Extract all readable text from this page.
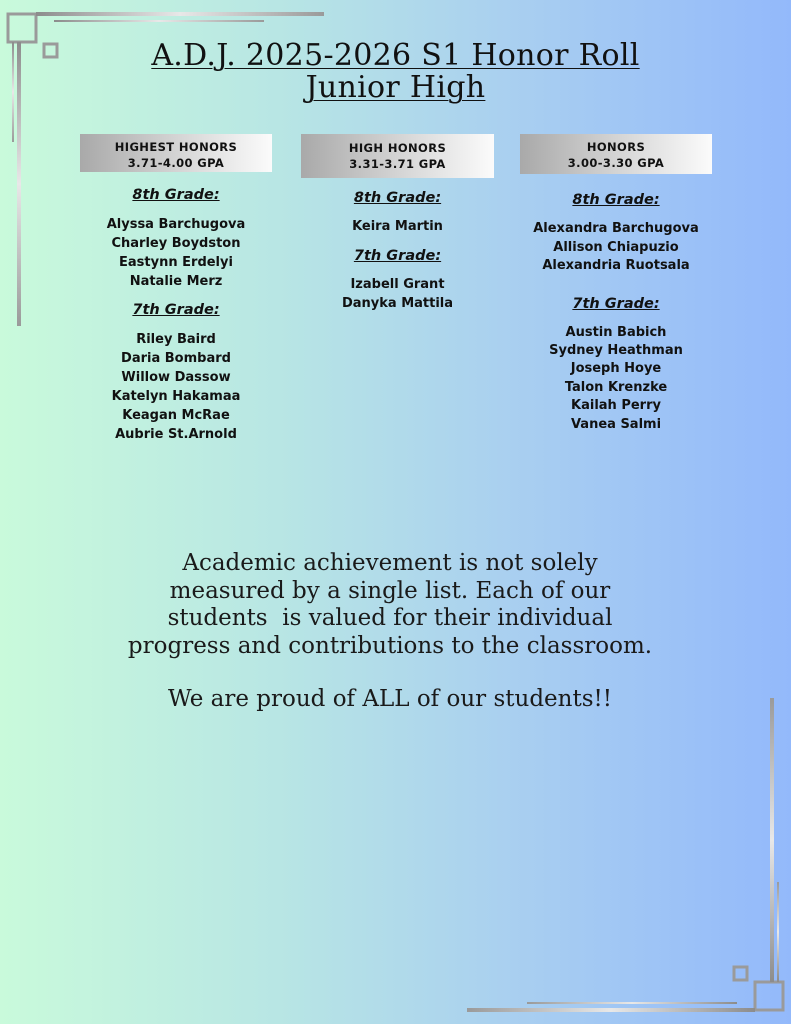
A.D.J. 2025-2026 S1 Honor Roll
Junior High
HIGHEST HONORS
3.71-4.00 GPA
8th Grade:
Alyssa Barchugova
Charley Boydston
Eastynn Erdelyi
Natalie Merz
7th Grade:
Riley Baird
Daria Bombard
Willow Dassow
Katelyn Hakamaa
Keagan McRae
Aubrie St.Arnold
HIGH HONORS
3.31-3.71 GPA
8th Grade:
Keira Martin
7th Grade:
Izabell Grant
Danyka Mattila
HONORS
3.00-3.30 GPA
8th Grade:
Alexandra Barchugova
Allison Chiapuzio
Alexandria Ruotsala
7th Grade:
Austin Babich
Sydney Heathman
Joseph Hoye
Talon Krenzke
Kailah Perry
Vanea Salmi
Academic achievement is not solely
measured by a single list. Each of our
students  is valued for their individual
progress and contributions to the classroom.
We are proud of ALL of our students!!
